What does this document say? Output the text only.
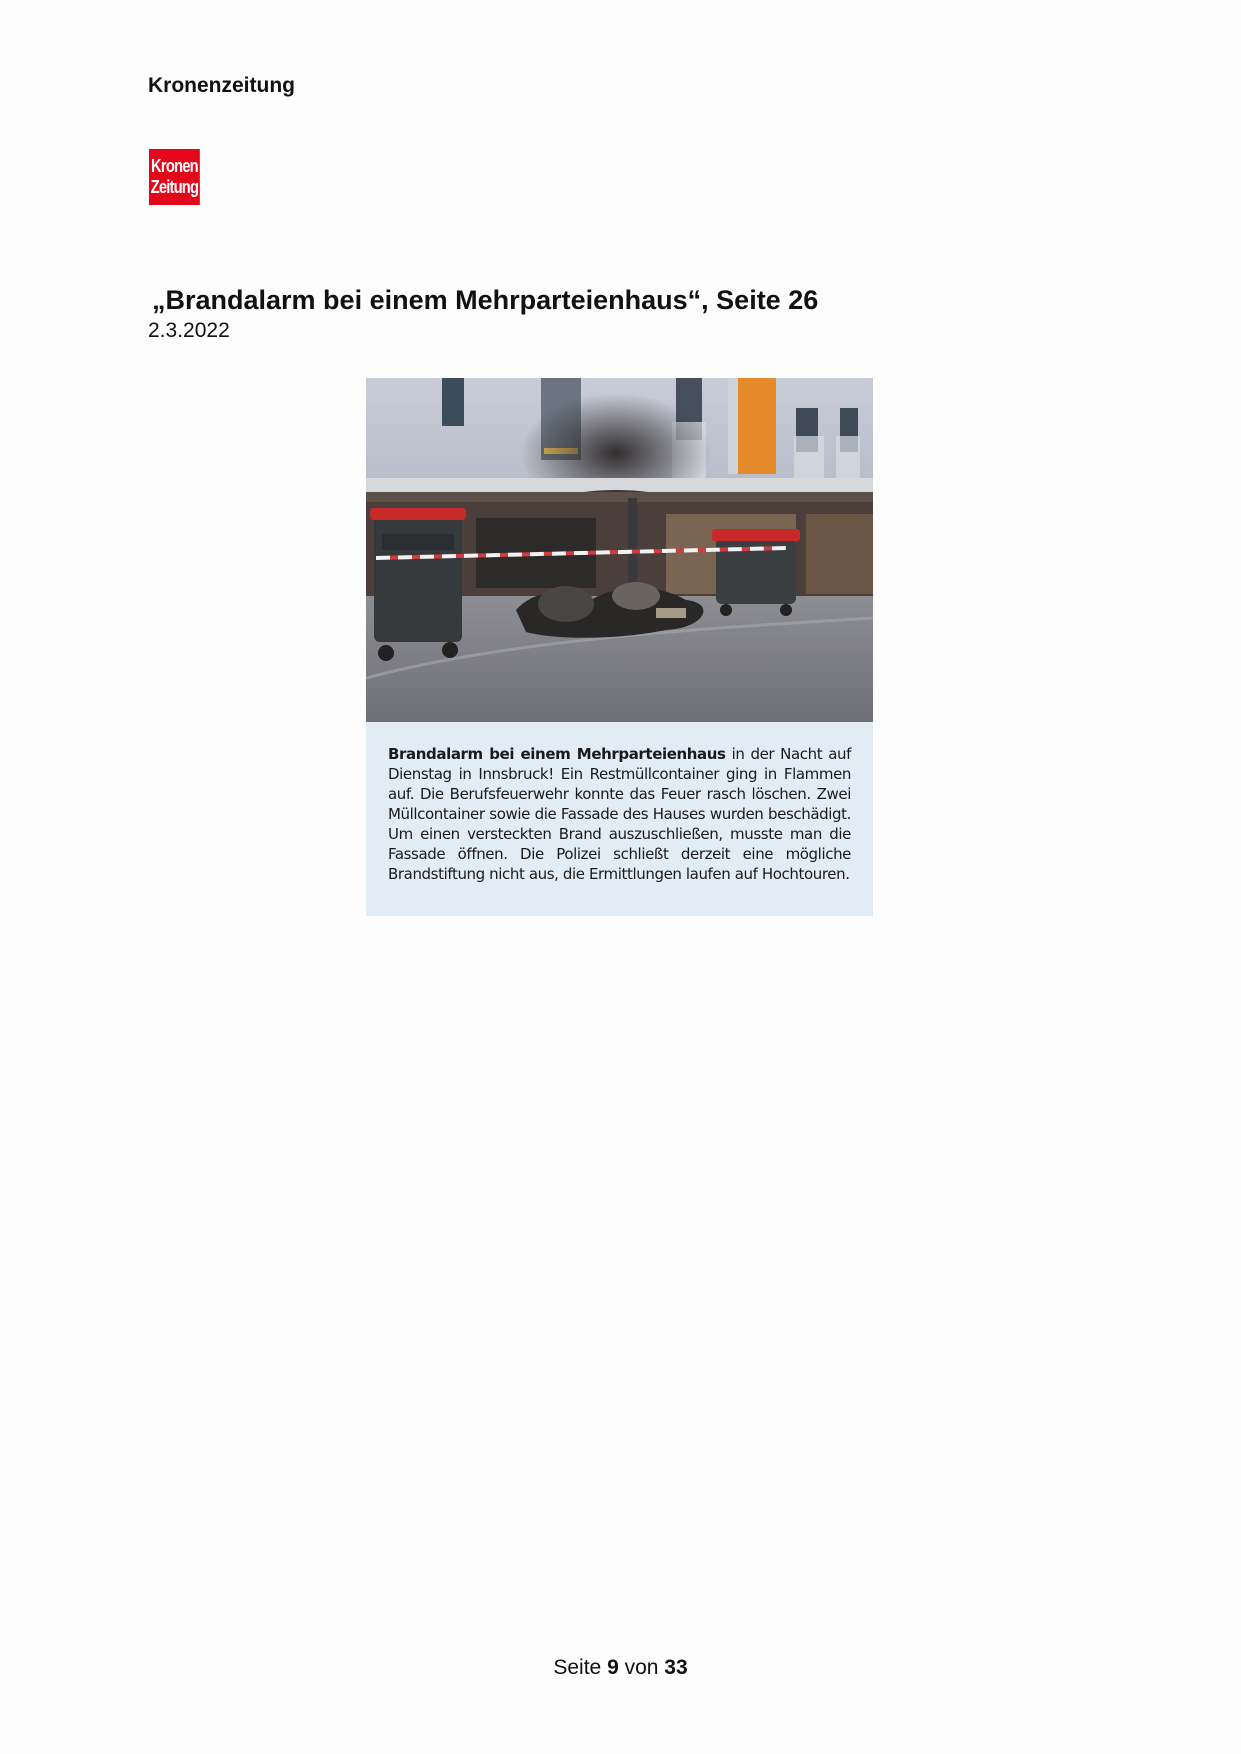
Kronenzeitung
Kronen
Zeitung
„Brandalarm bei einem Mehrparteienhaus“, Seite 26
2.3.2022
Brandalarm bei einem Mehrparteienhaus in der Nacht auf Dienstag in Innsbruck! Ein Restmüllcontainer ging in Flammen auf. Die Berufsfeuerwehr konnte das Feuer rasch löschen. Zwei Müllcontainer sowie die Fassade des Hauses wurden beschädigt. Um einen versteckten Brand auszuschließen, musste man die Fassade öffnen. Die Polizei schließt derzeit eine mögliche Brandstiftung nicht aus, die Ermittlungen laufen auf Hochtouren.
Seite 9 von 33
